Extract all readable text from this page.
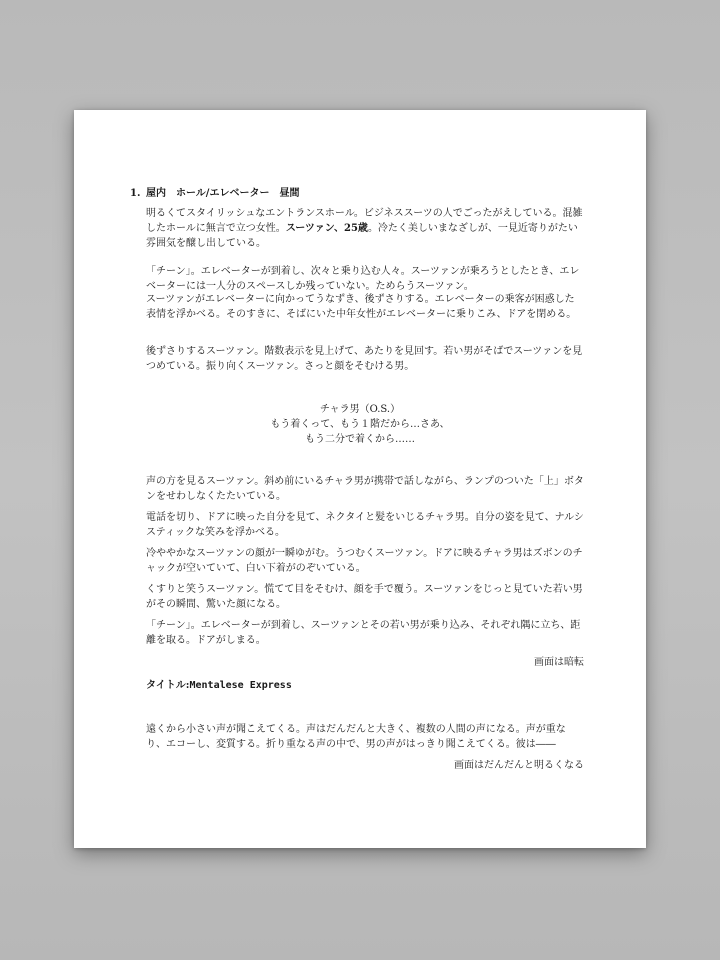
1. 屋内　ホール/エレベーター　昼間

明るくてスタイリッシュなエントランスホール。ビジネススーツの人でごったがえしている。混雑したホールに無言で立つ女性。スーツァン、25歳。冷たく美しいまなざしが、一見近寄りがたい雰囲気を醸し出している。

「チーン」。エレベーターが到着し、次々と乗り込む人々。スーツァンが乗ろうとしたとき、エレベーターには一人分のスペースしか残っていない。ためらうスーツァン。

スーツァンがエレベーターに向かってうなずき、後ずさりする。エレベーターの乗客が困惑した表情を浮かべる。そのすきに、そばにいた中年女性がエレベーターに乗りこみ、ドアを閉める。

後ずさりするスーツァン。階数表示を見上げて、あたりを見回す。若い男がそばでスーツァンを見つめている。振り向くスーツァン。さっと顔をそむける男。

チャラ男（O.S.）
もう着くって、もう１階だから…さあ、
もう二分で着くから……

声の方を見るスーツァン。斜め前にいるチャラ男が携帯で話しながら、ランプのついた「上」ボタンをせわしなくたたいている。

電話を切り、ドアに映った自分を見て、ネクタイと髪をいじるチャラ男。自分の姿を見て、ナルシスティックな笑みを浮かべる。

冷ややかなスーツァンの顔が一瞬ゆがむ。うつむくスーツァン。ドアに映るチャラ男はズボンのチャックが空いていて、白い下着がのぞいている。

くすりと笑うスーツァン。慌てて目をそむけ、顔を手で覆う。スーツァンをじっと見ていた若い男がその瞬間、驚いた顔になる。

「チーン」。エレベーターが到着し、スーツァンとその若い男が乗り込み、それぞれ隅に立ち、距離を取る。ドアがしまる。

画面は暗転
タイトル:Mentalese Express

遠くから小さい声が聞こえてくる。声はだんだんと大きく、複数の人間の声になる。声が重なり、エコーし、変質する。折り重なる声の中で、男の声がはっきり聞こえてくる。彼は――

画面はだんだんと明るくなる
